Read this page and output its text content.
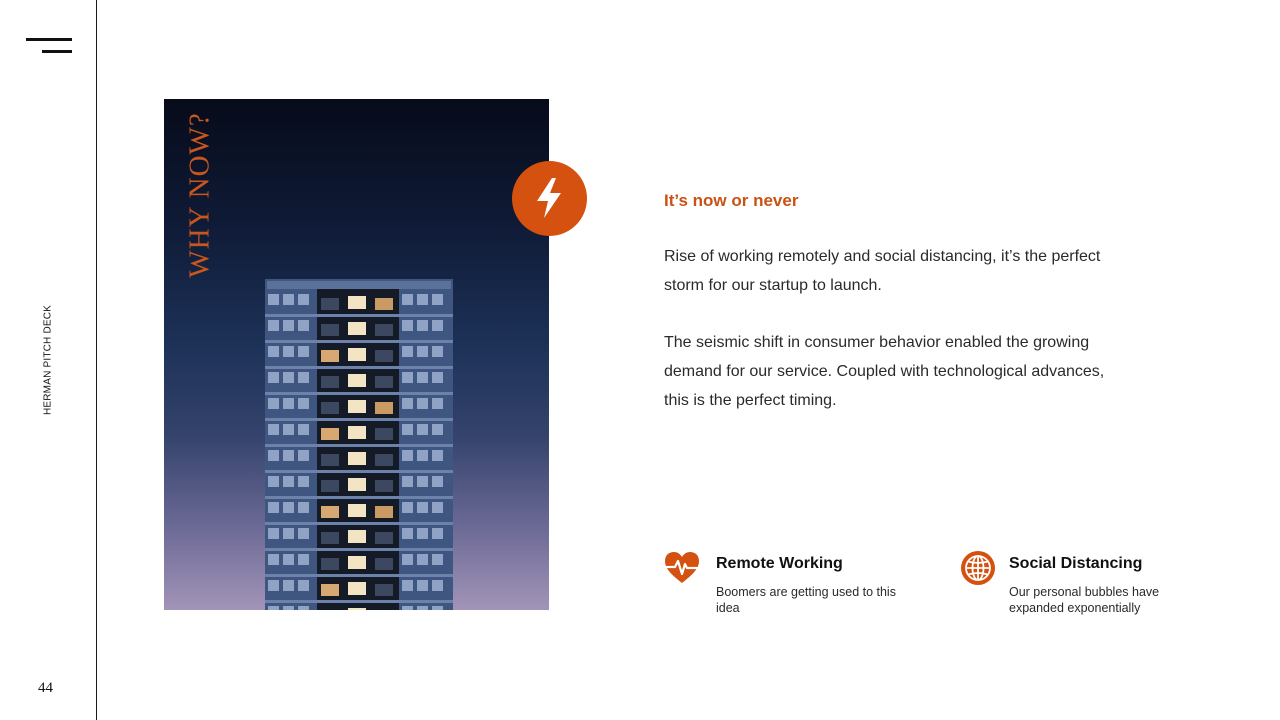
HERMAN PITCH DECK
44
WHY NOW?	It’s now or never
Rise of working remotely and social distancing, it’s the perfect storm for our startup to launch.
The seismic shift in consumer behavior enabled the growing demand for our service. Coupled with technological advances, this is the perfect timing.
Remote Working
Boomers are getting used to this idea
Social Distancing
Our personal bubbles have expanded exponentially
